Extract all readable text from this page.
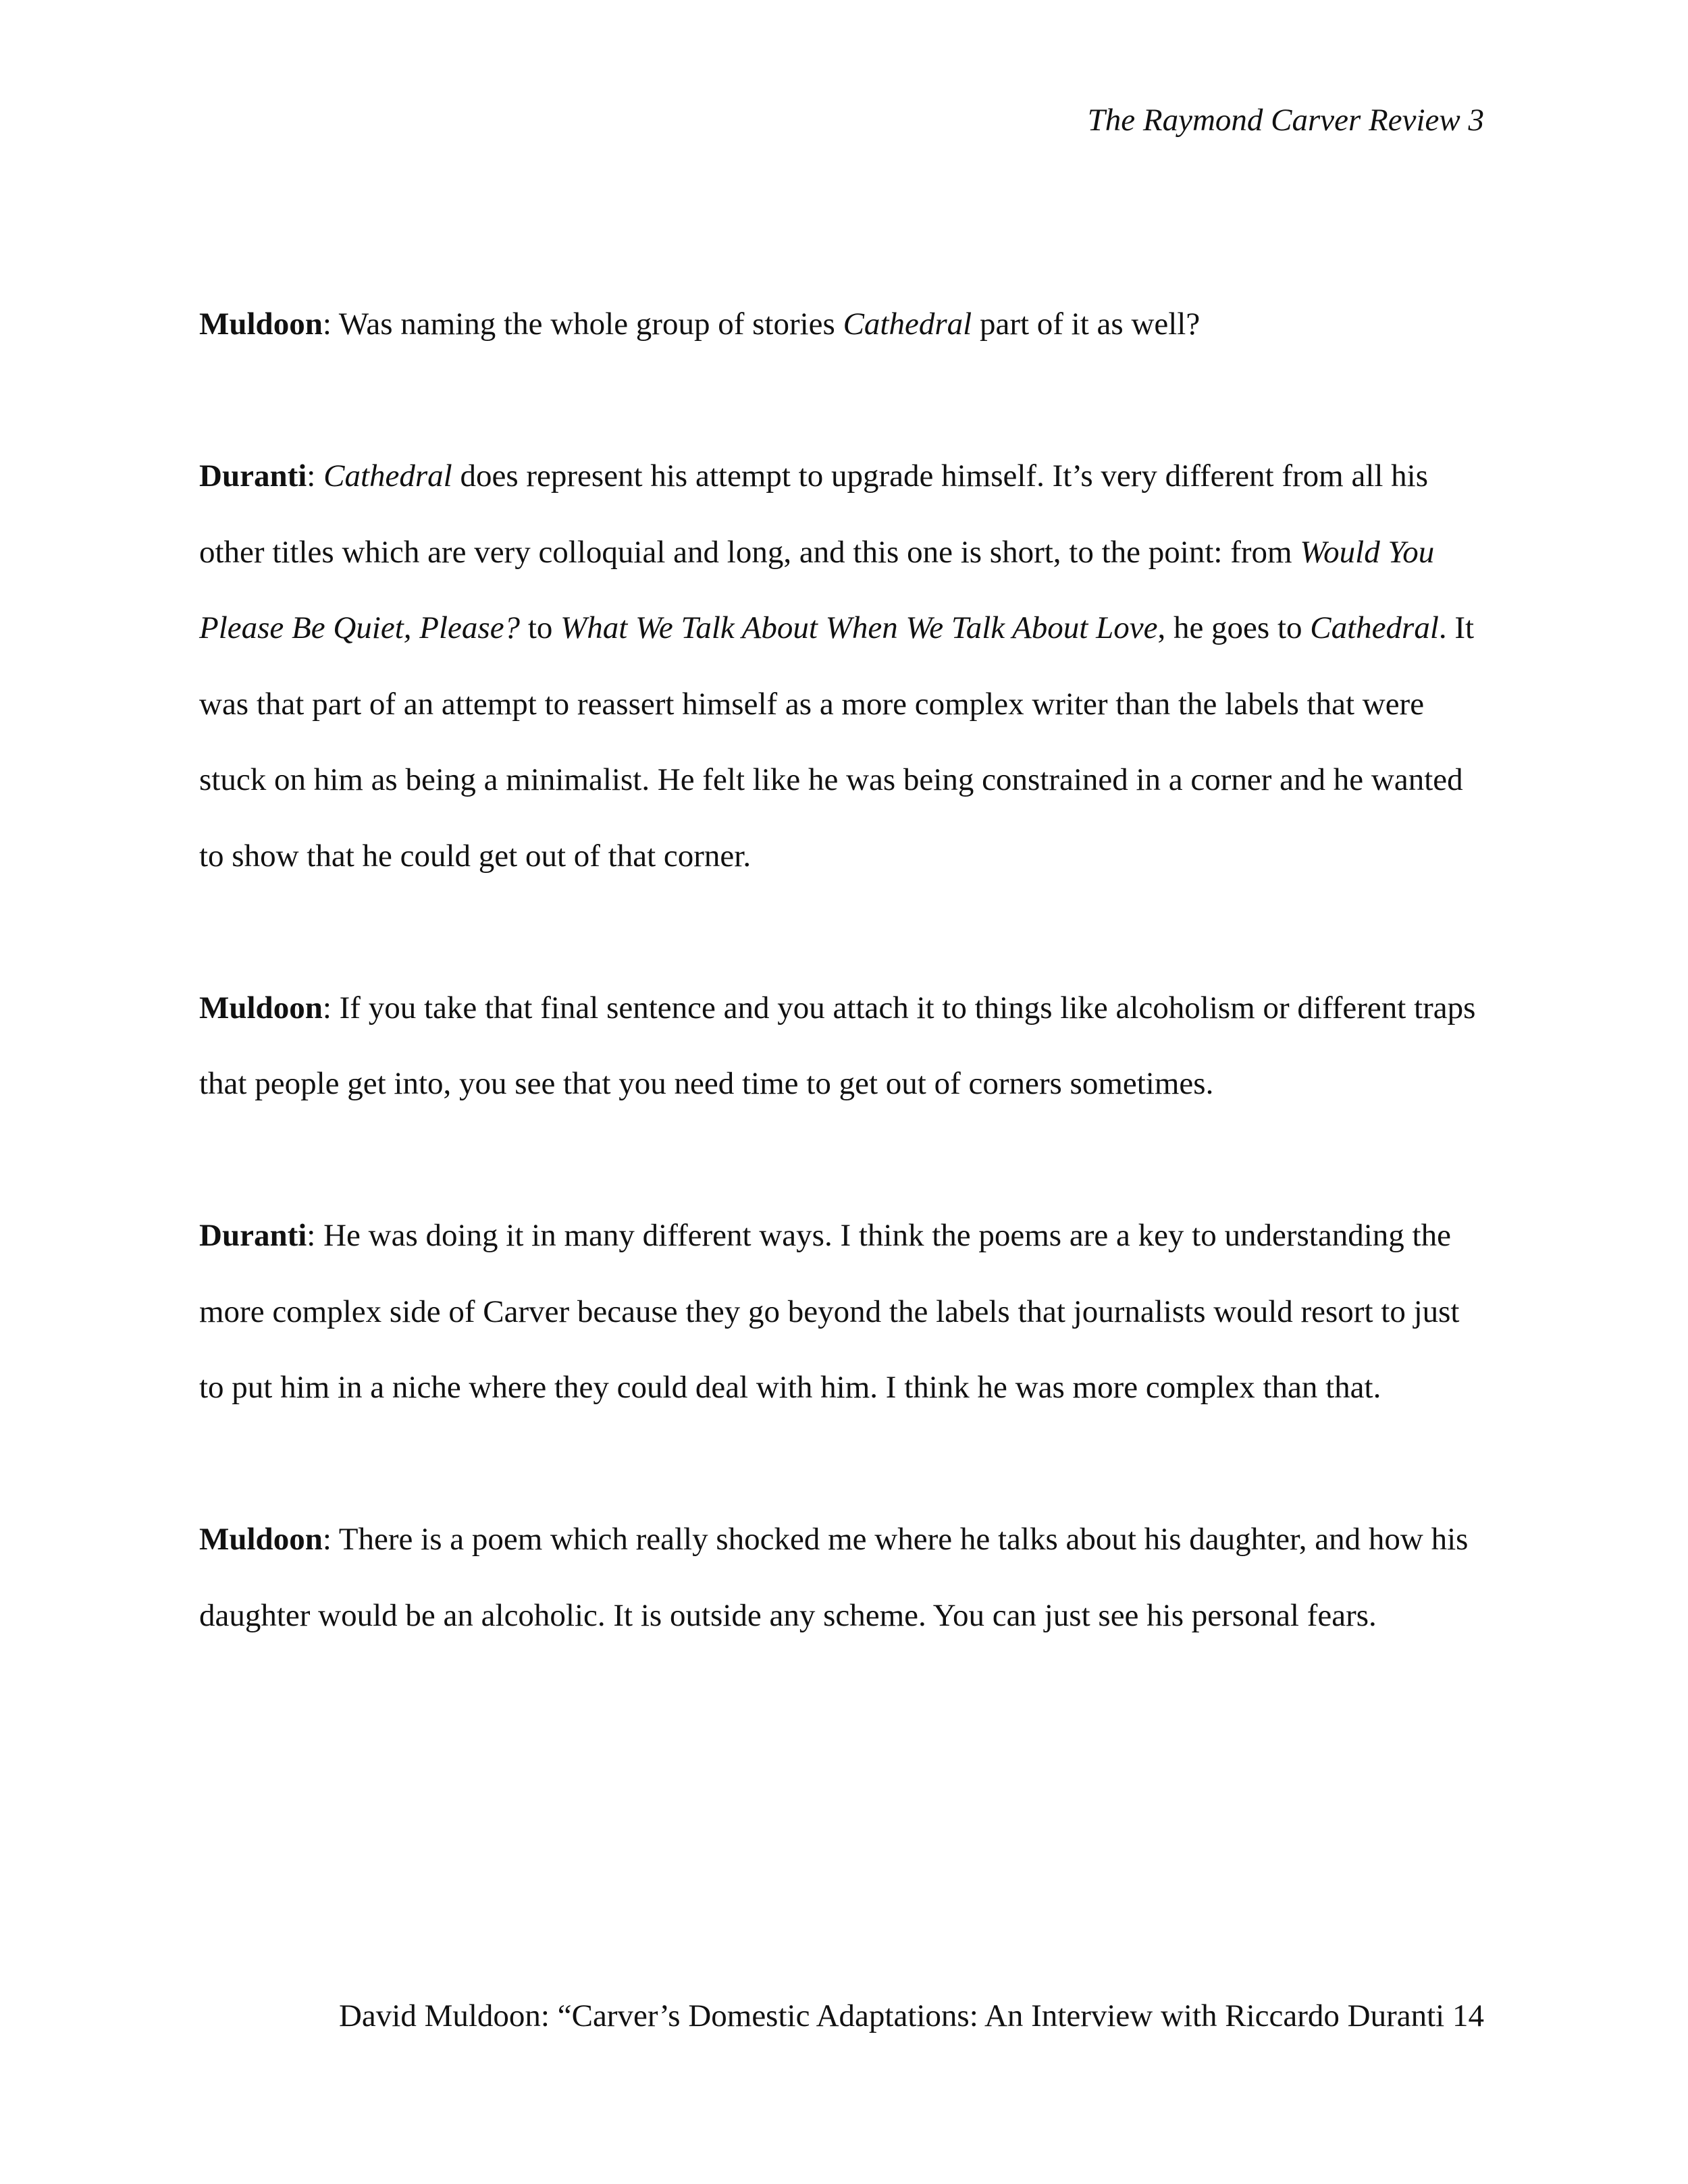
The Raymond Carver Review 3

Muldoon: Was naming the whole group of stories Cathedral part of it as well?

Duranti: Cathedral does represent his attempt to upgrade himself. It’s very different from all his other titles which are very colloquial and long, and this one is short, to the point: from Would You Please Be Quiet, Please? to What We Talk About When We Talk About Love, he goes to Cathedral. It was that part of an attempt to reassert himself as a more complex writer than the labels that were stuck on him as being a minimalist. He felt like he was being constrained in a corner and he wanted to show that he could get out of that corner.

Muldoon: If you take that final sentence and you attach it to things like alcoholism or different traps that people get into, you see that you need time to get out of corners sometimes.

Duranti: He was doing it in many different ways. I think the poems are a key to understanding the more complex side of Carver because they go beyond the labels that journalists would resort to just to put him in a niche where they could deal with him. I think he was more complex than that.

Muldoon: There is a poem which really shocked me where he talks about his daughter, and how his daughter would be an alcoholic. It is outside any scheme. You can just see his personal fears.

David Muldoon: “Carver’s Domestic Adaptations: An Interview with Riccardo Duranti 14
